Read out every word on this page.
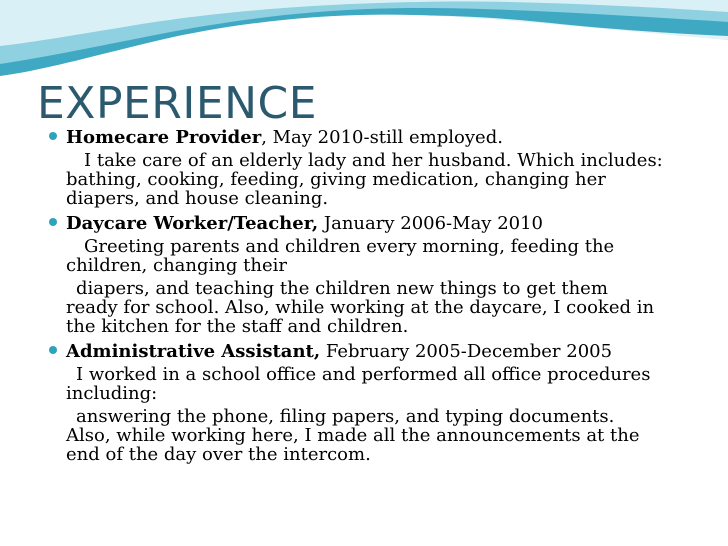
EXPERIENCE
Homecare Provider, May 2010-still employed.

I take care of an elderly lady and her husband. Which includes:
bathing, cooking, feeding, giving medication, changing her
diapers, and house cleaning.

Daycare Worker/Teacher, January 2006-May 2010

Greeting parents and children every morning, feeding the
children, changing their

diapers, and teaching the children new things to get them
ready for school. Also, while working at the daycare, I cooked in
the kitchen for the staff and children.

Administrative Assistant, February 2005-December 2005

I worked in a school office and performed all office procedures
including:

answering the phone, filing papers, and typing documents.
Also, while working here, I made all the announcements at the
end of the day over the intercom.
